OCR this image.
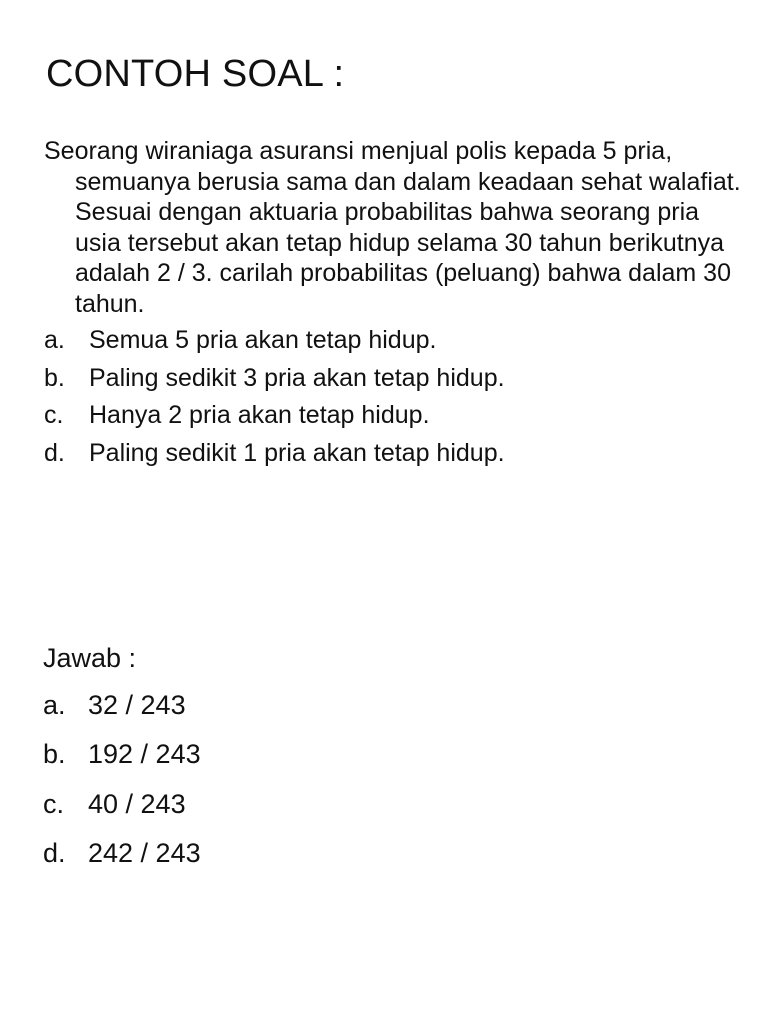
CONTOH SOAL :

Seorang wiraniaga asuransi menjual polis kepada 5 pria, semuanya berusia sama dan dalam keadaan sehat walafiat. Sesuai dengan aktuaria probabilitas bahwa seorang pria usia tersebut akan tetap hidup selama 30 tahun berikutnya adalah 2 / 3. carilah probabilitas (peluang) bahwa dalam 30 tahun.

a. Semua 5 pria akan tetap hidup.
b. Paling sedikit 3 pria akan tetap hidup.
c.	Hanya 2 pria akan tetap hidup.
d. Paling sedikit 1 pria akan tetap hidup.

Jawab :

a. 32 / 243
b. 192 / 243
c. 40 / 243
d. 242 / 243
